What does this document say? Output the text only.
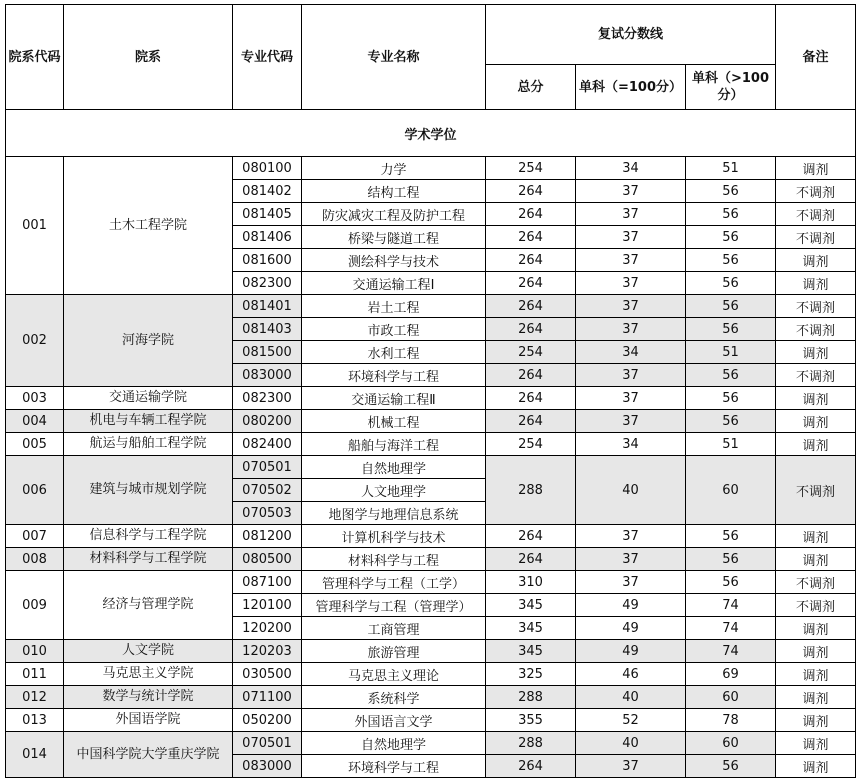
院系代码	院系	专业代码	专业名称	复试分数线			备注
				总分	单科（=100分）	单科（>100分）	
学术学位							
001	土木工程学院	080100	力学	254	34	51	调剂
		081402	结构工程	264	37	56	不调剂
		081405	防灾减灾工程及防护工程	264	37	56	不调剂
		081406	桥梁与隧道工程	264	37	56	不调剂
		081600	测绘科学与技术	264	37	56	调剂
		082300	交通运输工程Ⅰ	264	37	56	调剂
002	河海学院	081401	岩土工程	264	37	56	不调剂
		081403	市政工程	264	37	56	不调剂
		081500	水利工程	254	34	51	调剂
		083000	环境科学与工程	264	37	56	不调剂
003	交通运输学院	082300	交通运输工程Ⅱ	264	37	56	调剂
004	机电与车辆工程学院	080200	机械工程	264	37	56	调剂
005	航运与船舶工程学院	082400	船舶与海洋工程	254	34	51	调剂
006	建筑与城市规划学院	070501	自然地理学	288	40	60	不调剂
		070502	人文地理学				
		070503	地图学与地理信息系统				
007	信息科学与工程学院	081200	计算机科学与技术	264	37	56	调剂
008	材料科学与工程学院	080500	材料科学与工程	264	37	56	调剂
009	经济与管理学院	087100	管理科学与工程（工学）	310	37	56	不调剂
		120100	管理科学与工程（管理学）	345	49	74	不调剂
		120200	工商管理	345	49	74	调剂
010	人文学院	120203	旅游管理	345	49	74	调剂
011	马克思主义学院	030500	马克思主义理论	325	46	69	调剂
012	数学与统计学院	071100	系统科学	288	40	60	调剂
013	外国语学院	050200	外国语言文学	355	52	78	调剂
014	中国科学院大学重庆学院	070501	自然地理学	288	40	60	调剂
		083000	环境科学与工程	264	37	56	调剂
